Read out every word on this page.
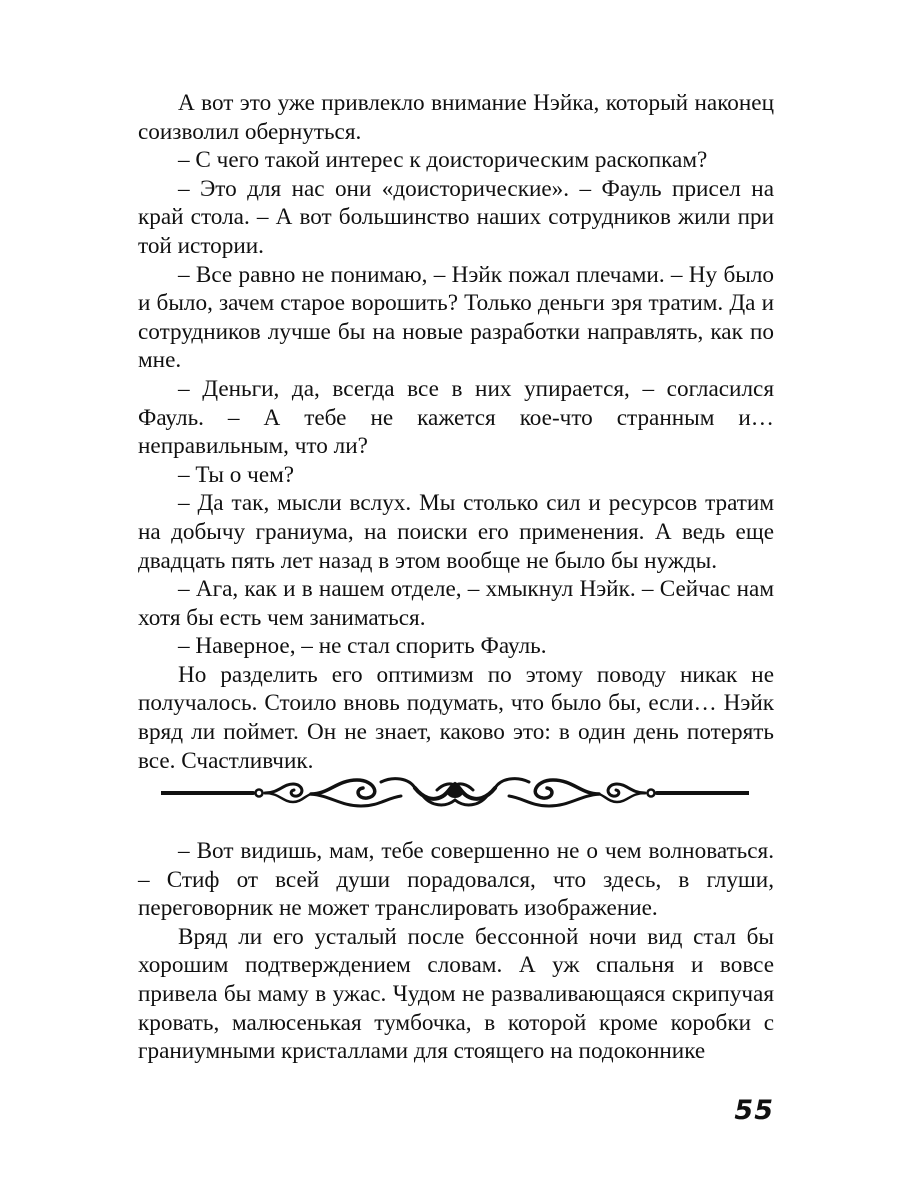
А вот это уже привлекло внимание Нэйка, который наконец соизволил обернуться.

– С чего такой интерес к доисторическим раскопкам?

– Это для нас они «доисторические». – Фауль присел на край стола. – А вот большинство наших сотрудников жили при той истории.

– Все равно не понимаю, – Нэйк пожал плечами. – Ну было и было, зачем старое ворошить? Только деньги зря тратим. Да и сотрудников лучше бы на новые разработки направлять, как по мне.

– Деньги, да, всегда все в них упирается, – согласился Фауль. – А тебе не кажется кое-что странным и… неправильным, что ли?

– Ты о чем?

– Да так, мысли вслух. Мы столько сил и ресурсов тратим на добычу граниума, на поиски его применения. А ведь еще двадцать пять лет назад в этом вообще не было бы нужды.

– Ага, как и в нашем отделе, – хмыкнул Нэйк. – Сейчас нам хотя бы есть чем заниматься.

– Наверное, – не стал спорить Фауль.

Но разделить его оптимизм по этому поводу никак не получалось. Стоило вновь подумать, что было бы, если… Нэйк вряд ли поймет. Он не знает, каково это: в один день потерять все. Счастливчик.

– Вот видишь, мам, тебе совершенно не о чем волноваться. – Стиф от всей души порадовался, что здесь, в глуши, переговорник не может транслировать изображение.

Вряд ли его усталый после бессонной ночи вид стал бы хорошим подтверждением словам. А уж спальня и вовсе привела бы маму в ужас. Чудом не разваливающаяся скрипучая кровать, малюсенькая тумбочка, в которой кроме коробки с граниумными кристаллами для стоящего на подоконнике

55
